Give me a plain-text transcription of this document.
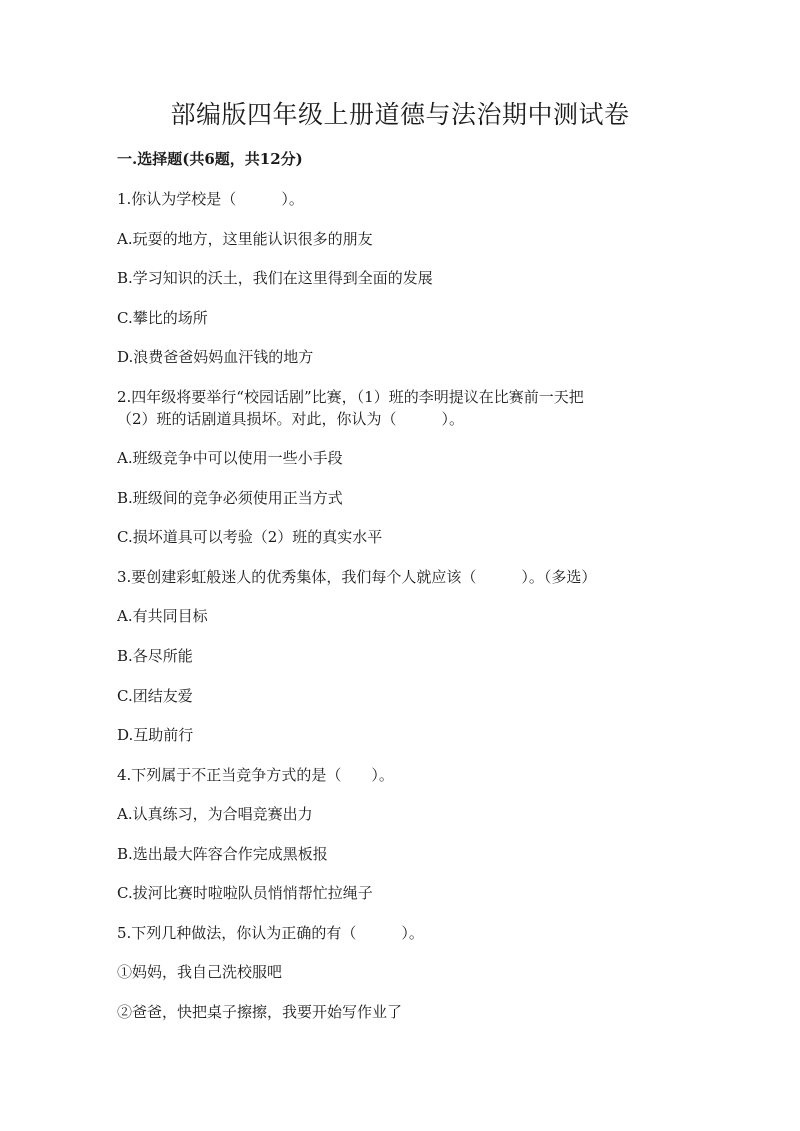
部编版四年级上册道德与法治期中测试卷
一.选择题(共6题，共12分)
1.你认为学校是（　　　）。
A.玩耍的地方，这里能认识很多的朋友
B.学习知识的沃土，我们在这里得到全面的发展
C.攀比的场所
D.浪费爸爸妈妈血汗钱的地方
2.四年级将要举行“校园话剧”比赛，（1）班的李明提议在比赛前一天把
（2）班的话剧道具损坏。对此，你认为（　　　）。
A.班级竞争中可以使用一些小手段
B.班级间的竞争必须使用正当方式
C.损坏道具可以考验（2）班的真实水平
3.要创建彩虹般迷人的优秀集体，我们每个人就应该（　　　）。（多选）
A.有共同目标
B.各尽所能
C.团结友爱
D.互助前行
4.下列属于不正当竞争方式的是（　　）。
A.认真练习，为合唱竞赛出力
B.选出最大阵容合作完成黑板报
C.拔河比赛时啦啦队员悄悄帮忙拉绳子
5.下列几种做法，你认为正确的有（　　　）。
①妈妈，我自己洗校服吧
②爸爸，快把桌子擦擦，我要开始写作业了
